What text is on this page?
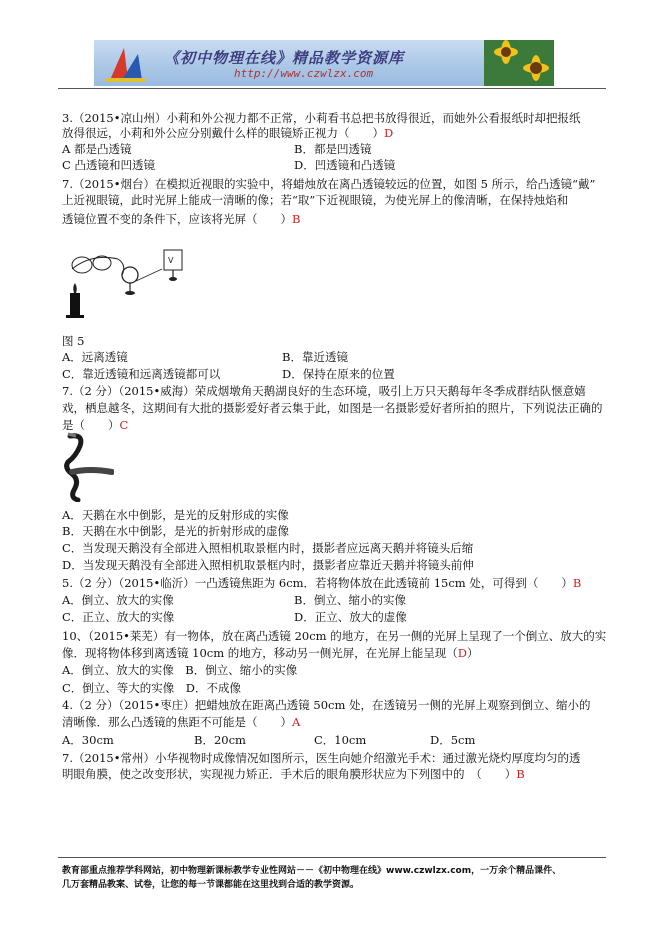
《初中物理在线》精品教学资源库
http://www.czwlzx.com
3.（2015•凉山州）小莉和外公视力都不正常，小莉看书总把书放得很近，而她外公看报纸时却把报纸
放得很远，小莉和外公应分别戴什么样的眼镜矫正视力（　　）D
A 都是凸透镜	B．都是凹透镜
C 凸透镜和凹透镜	D．凹透镜和凸透镜
7.（2015•烟台）在模拟近视眼的实验中，将蜡烛放在离凸透镜较远的位置，如图 5 所示，给凸透镜“戴”
上近视眼镜，此时光屏上能成一清晰的像；若“取”下近视眼镜，为使光屏上的像清晰，在保持烛焰和
透镜位置不变的条件下，应该将光屏（　　）B
V
图 5
A．远离透镜	B．靠近透镜
C．靠近透镜和远离透镜都可以	D．保持在原来的位置
7.（2 分）（2015•威海）荣成烟墩角天鹅湖良好的生态环境，吸引上万只天鹅每年冬季成群结队惬意嬉
戏，栖息越冬，这期间有大批的摄影爱好者云集于此，如图是一名摄影爱好者所拍的照片，下列说法正确的
是（　　）C
A．天鹅在水中倒影，是光的反射形成的实像
B．天鹅在水中倒影，是光的折射形成的虚像
C．当发现天鹅没有全部进入照相机取景框内时，摄影者应远离天鹅并将镜头后缩
D．当发现天鹅没有全部进入照相机取景框内时，摄影者应靠近天鹅并将镜头前伸
5.（2 分）（2015•临沂）一凸透镜焦距为 6cm．若将物体放在此透镜前 15cm 处，可得到（　　）B
A．倒立、放大的实像	B．倒立、缩小的实像
C．正立、放大的实像	D．正立、放大的虚像
10、（2015•莱芜）有一物体，放在离凸透镜 20cm 的地方，在另一侧的光屏上呈现了一个倒立、放大的实
像．现将物体移到离透镜 10cm 的地方，移动另一侧光屏，在光屏上能呈现（D）
A．倒立、放大的实像　B．倒立、缩小的实像
C．倒立、等大的实像　D．不成像
4.（2 分）（2015•枣庄）把蜡烛放在距离凸透镜 50cm 处，在透镜另一侧的光屏上观察到倒立、缩小的
清晰像．那么凸透镜的焦距不可能是（　　）A
A．30cm	B．20cm	C．10cm	D．5cm
7.（2015•常州）小华视物时成像情况如图所示，医生向她介绍激光手术：通过激光烧灼厚度均匀的透
明眼角膜，使之改变形状，实现视力矫正．手术后的眼角膜形状应为下列图中的　（　　）B
教育部重点推荐学科网站，初中物理新课标教学专业性网站－－《初中物理在线》www.czwlzx.com，一万余个精品课件、
几万套精品教案、试卷，让您的每一节课都能在这里找到合适的教学资源。
